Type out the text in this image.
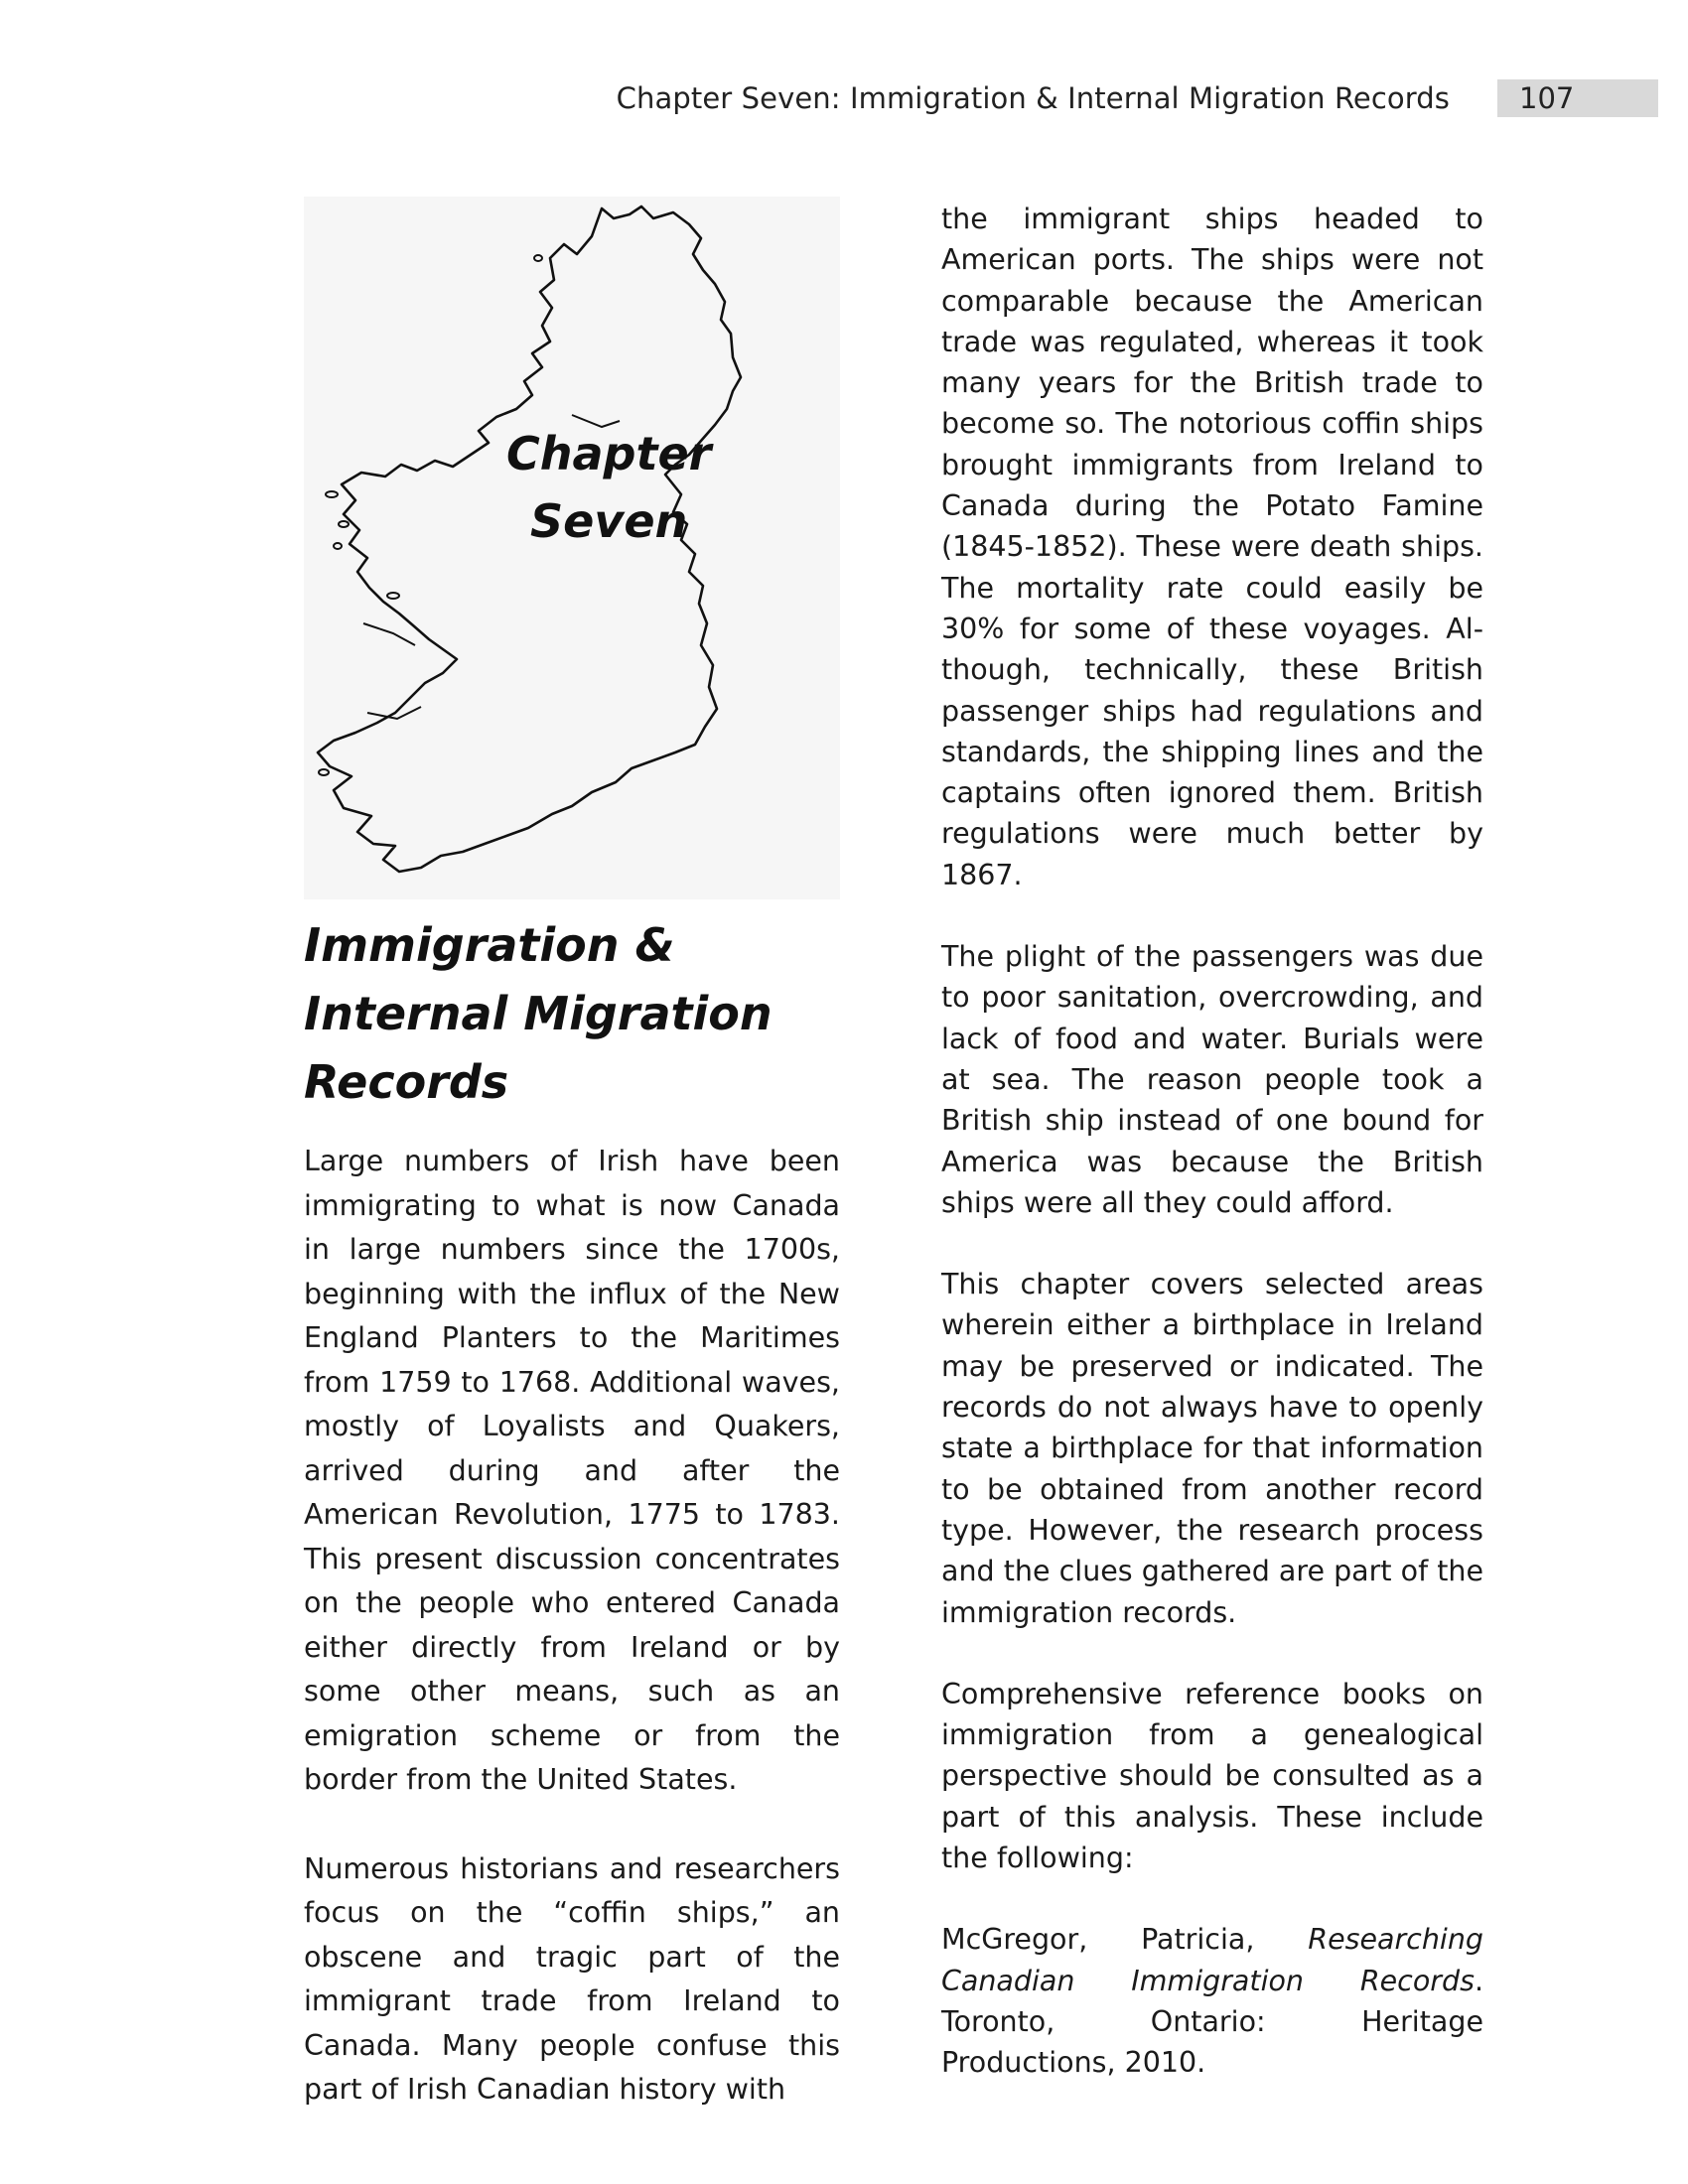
Chapter Seven: Immigration & Internal Migration Records	107
Chapter
Seven
Immigration & Internal Migration Records

Large numbers of Irish have been immigrating to what is now Canada in large numbers since the 1700s, beginning with the influx of the New England Planters to the Maritimes from 1759 to 1768. Additional waves, mostly of Loyalists and Quakers, arrived during and after the American Revolution, 1775 to 1783. This present discussion concentrates on the people who entered Canada either directly from Ireland or by some other means, such as an emigration scheme or from the border from the United States.

Numerous historians and researchers focus on the “coffin ships,” an obscene and tragic part of the immigrant trade from Ireland to Canada. Many people confuse this part of Irish Canadian history with

the immigrant ships headed to American ports. The ships were not comparable because the American trade was regulated, whereas it took many years for the British trade to become so. The notorious coffin ships brought immigrants from Ireland to Canada during the Potato Famine (1845-1852). These were death ships. The mortality rate could easily be 30% for some of these voyages. Although, technically, these British passenger ships had regulations and standards, the shipping lines and the captains often ignored them. British regulations were much better by 1867.

The plight of the passengers was due to poor sanitation, overcrowding, and lack of food and water. Burials were at sea. The reason people took a British ship instead of one bound for America was because the British ships were all they could afford.

This chapter covers selected areas wherein either a birthplace in Ireland may be preserved or indicated. The records do not always have to openly state a birthplace for that information to be obtained from another record type. However, the research process and the clues gathered are part of the immigration records.

Comprehensive reference books on immigration from a genealogical perspective should be consulted as a part of this analysis. These include the following:

McGregor, Patricia, Researching Canadian Immigration Records. Toronto, Ontario: Heritage Productions, 2010.
